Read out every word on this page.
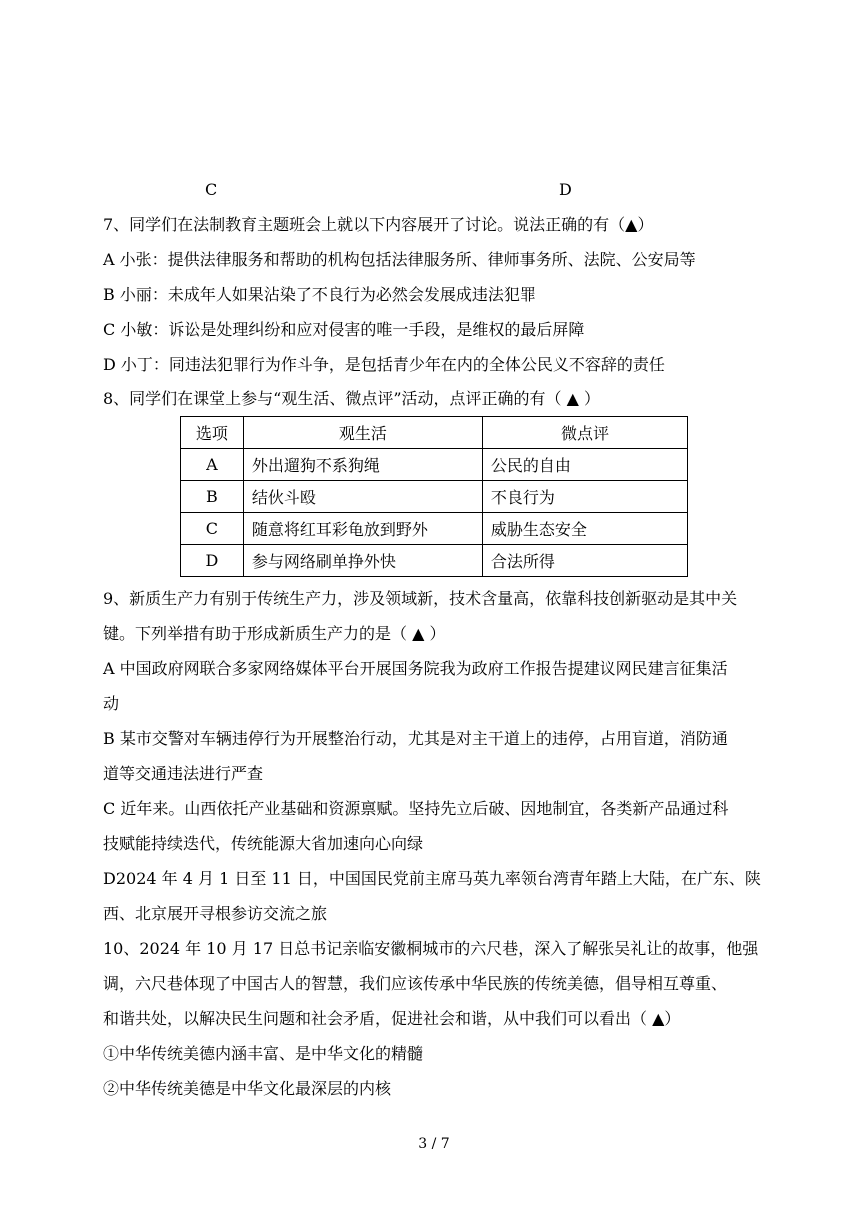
C	D
7、同学们在法制教育主题班会上就以下内容展开了讨论。说法正确的有（▲）
A 小张：提供法律服务和帮助的机构包括法律服务所、律师事务所、法院、公安局等
B 小丽：未成年人如果沾染了不良行为必然会发展成违法犯罪
C 小敏：诉讼是处理纠纷和应对侵害的唯一手段，是维权的最后屏障
D 小丁：同违法犯罪行为作斗争，是包括青少年在内的全体公民义不容辞的责任
8、同学们在课堂上参与“观生活、微点评”活动，点评正确的有（ ▲ ）
选项	观生活	微点评
A	外出遛狗不系狗绳	公民的自由
B	结伙斗殴	不良行为
C	随意将红耳彩龟放到野外	威胁生态安全
D	参与网络刷单挣外快	合法所得
9、新质生产力有别于传统生产力，涉及领域新，技术含量高，依靠科技创新驱动是其中关
键。下列举措有助于形成新质生产力的是（ ▲ ）
A 中国政府网联合多家网络媒体平台开展国务院我为政府工作报告提建议网民建言征集活
动
B 某市交警对车辆违停行为开展整治行动，尤其是对主干道上的违停，占用盲道，消防通
道等交通违法进行严查
C 近年来。山西依托产业基础和资源禀赋。坚持先立后破、因地制宜，各类新产品通过科
技赋能持续迭代，传统能源大省加速向心向绿
D2024 年 4 月 1 日至 11 日，中国国民党前主席马英九率领台湾青年踏上大陆，在广东、陕
西、北京展开寻根参访交流之旅
10、2024 年 10 月 17 日总书记亲临安徽桐城市的六尺巷，深入了解张吴礼让的故事，他强
调，六尺巷体现了中国古人的智慧，我们应该传承中华民族的传统美德，倡导相互尊重、
和谐共处，以解决民生问题和社会矛盾，促进社会和谐，从中我们可以看出（ ▲）
①中华传统美德内涵丰富、是中华文化的精髓
②中华传统美德是中华文化最深层的内核
3 / 7
